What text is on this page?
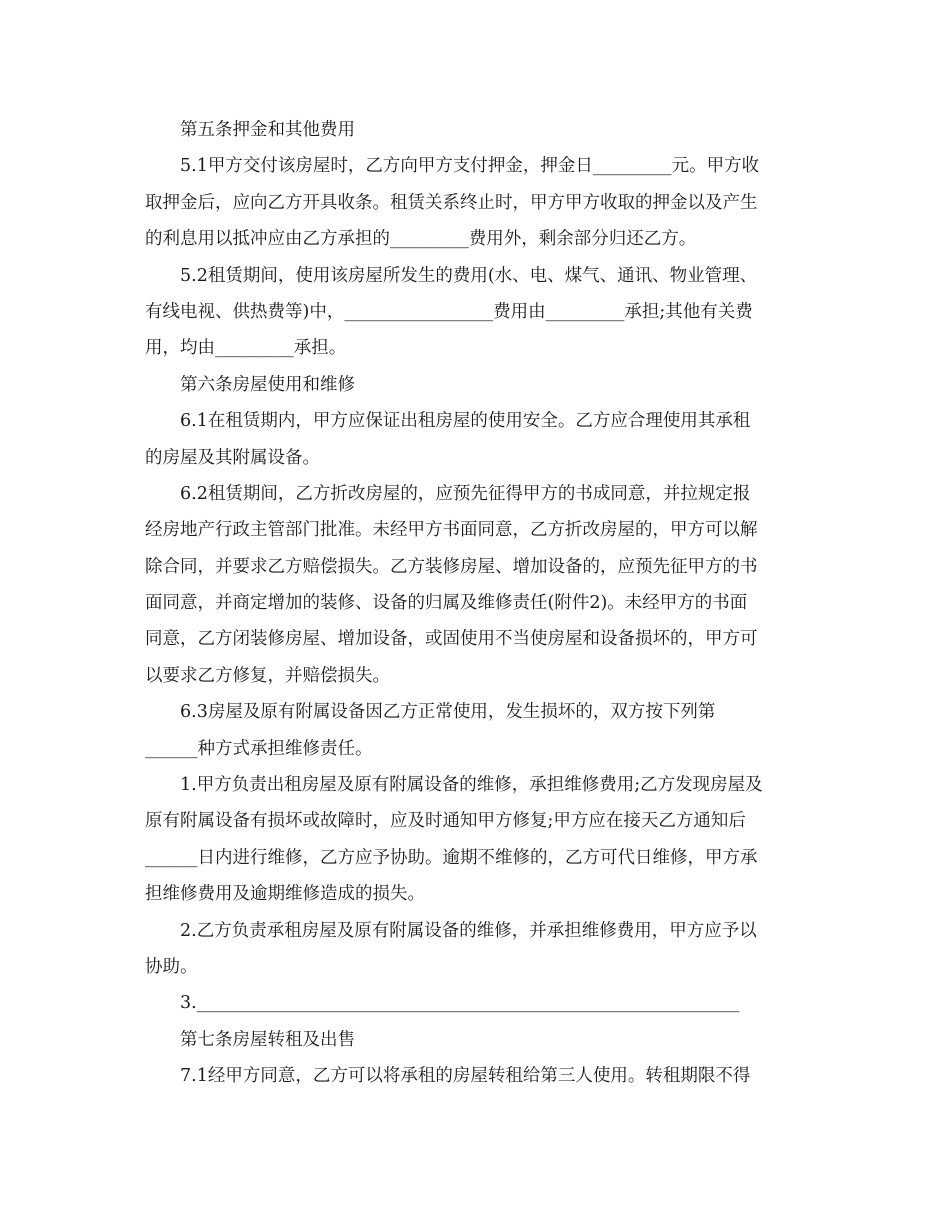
第五条押金和其他费用
5.1甲方交付该房屋时，乙方向甲方支付押金，押金日_________元。甲方收
取押金后，应向乙方开具收条。租赁关系终止时，甲方甲方收取的押金以及产生
的利息用以抵冲应由乙方承担的_________费用外，剩余部分归还乙方。
5.2租赁期间，使用该房屋所发生的费用(水、电、煤气、通讯、物业管理、
有线电视、供热费等)中，_________________费用由_________承担;其他有关费
用，均由_________承担。
第六条房屋使用和维修
6.1在租赁期内，甲方应保证出租房屋的使用安全。乙方应合理使用其承租
的房屋及其附属设备。
6.2租赁期间，乙方折改房屋的，应预先征得甲方的书成同意，并拉规定报
经房地产行政主管部门批准。未经甲方书面同意，乙方折改房屋的，甲方可以解
除合同，并要求乙方赔偿损失。乙方装修房屋、增加设备的，应预先征甲方的书
面同意，并商定增加的装修、设备的归属及维修责任(附件2)。未经甲方的书面
同意，乙方闭装修房屋、增加设备，或固使用不当使房屋和设备损坏的，甲方可
以要求乙方修复，并赔偿损失。
6.3房屋及原有附属设备因乙方正常使用，发生损坏的，双方按下列第
______种方式承担维修责任。
1.甲方负责出租房屋及原有附属设备的维修，承担维修费用;乙方发现房屋及
原有附属设备有损坏或故障时，应及时通知甲方修复;甲方应在接天乙方通知后
______日内进行维修，乙方应予协助。逾期不维修的，乙方可代日维修，甲方承
担维修费用及逾期维修造成的损失。
2.乙方负责承租房屋及原有附属设备的维修，并承担维修费用，甲方应予以
协助。
3.______________________________________________________________
第七条房屋转租及出售
7.1经甲方同意，乙方可以将承租的房屋转租给第三人使用。转租期限不得
